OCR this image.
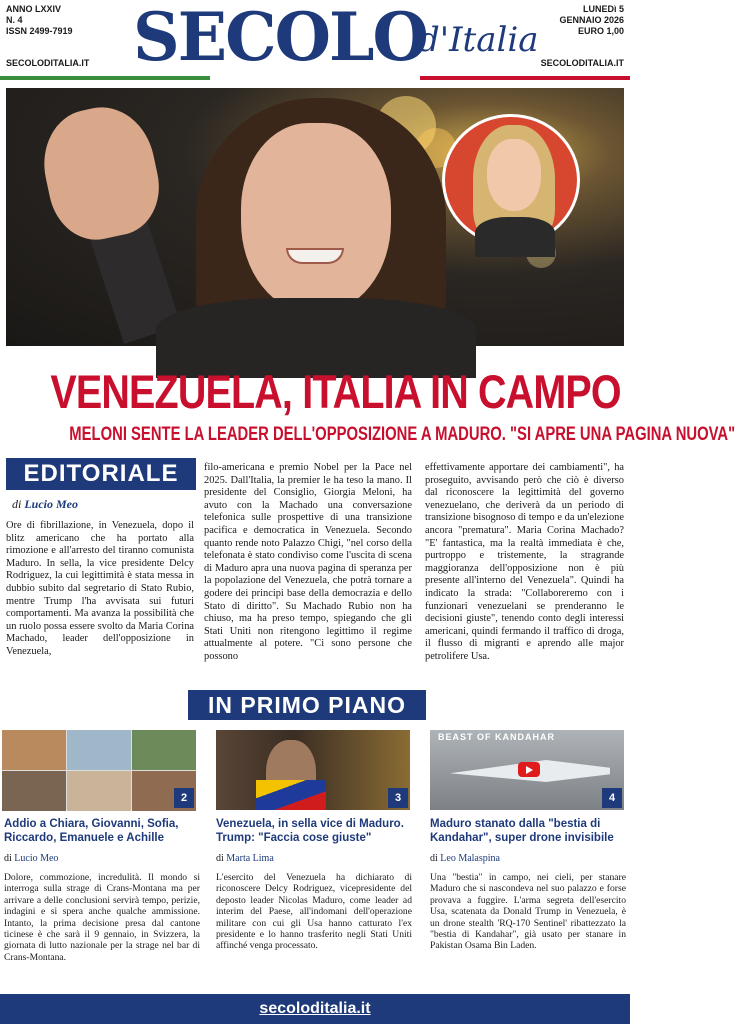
ANNO LXXIV
N. 4
ISSN 2499-7919 SECOLO
d'Italia
LUNEDì 5
GENNAIO 2026
EURO 1,00
SECOLODITALIA.IT	SECOLODITALIA.IT
VENEZUELA, ITALIA IN CAMPO
MELONI SENTE LA LEADER DELL'OPPOSIZIONE A MADURO. "SI APRE UNA PAGINA NUOVA"
EDITORIALE
di Lucio Meo
Ore di fibrillazione, in Venezuela, dopo il blitz americano che ha portato alla rimozione e all'arresto del tiranno comunista Maduro. In sella, la vice presidente Delcy Rodriguez, la cui legittimità è stata messa in dubbio subito dal segretario di Stato Rubio, mentre Trump l'ha avvisata sui futuri comportamenti. Ma avanza la possibilità che un ruolo possa essere svolto da Maria Corina Machado, leader dell'opposizione in Venezuela,
filo-americana e premio Nobel per la Pace nel 2025. Dall'Italia, la premier le ha teso la mano. Il presidente del Consiglio, Giorgia Meloni, ha avuto con la Machado una conversazione telefonica sulle prospettive di una transizione pacifica e democratica in Venezuela. Secondo quanto rende noto Palazzo Chigi, "nel corso della telefonata è stato condiviso come l'uscita di scena di Maduro apra una nuova pagina di speranza per la popolazione del Venezuela, che potrà tornare a godere dei principi base della democrazia e dello Stato di diritto". Su Machado Rubio non ha chiuso, ma ha preso tempo, spiegando che gli Stati Uniti non ritengono legittimo il regime attualmente al potere. "Ci sono persone che possono
effettivamente apportare dei cambiamenti", ha proseguito, avvisando però che ciò è diverso dal riconoscere la legittimità del governo venezuelano, che deriverà da un periodo di transizione bisognoso di tempo e da un'elezione ancora "prematura". Maria Corina Machado? "E' fantastica, ma la realtà immediata è che, purtroppo e tristemente, la stragrande maggioranza dell'opposizione non è più presente all'interno del Venezuela". Quindi ha indicato la strada: "Collaboreremo con i funzionari venezuelani se prenderanno le decisioni giuste", tenendo conto degli interessi americani, quindi fermando il traffico di droga, il flusso di migranti e aprendo alle major petrolifere Usa.
IN PRIMO PIANO
2	3
BEAST OF KANDAHAR
4
Addio a Chiara, Giovanni, Sofia, Riccardo, Emanuele e Achille
di Lucio Meo
Dolore, commozione, incredulità. Il mondo si interroga sulla strage di Crans-Montana ma per arrivare a delle conclusioni servirà tempo, perizie, indagini e si spera anche qualche ammissione. Intanto, la prima decisione presa dal cantone ticinese è che sarà il 9 gennaio, in Svizzera, la giornata di lutto nazionale per la strage nel bar di Crans-Montana.
Venezuela, in sella vice di Maduro. Trump: "Faccia cose giuste"
di Marta Lima
L'esercito del Venezuela ha dichiarato di riconoscere Delcy Rodriguez, vicepresidente del deposto leader Nicolas Maduro, come leader ad interim del Paese, all'indomani dell'operazione militare con cui gli Usa hanno catturato l'ex presidente e lo hanno trasferito negli Stati Uniti affinché venga processato.
Maduro stanato dalla "bestia di Kandahar", super drone invisibile
di Leo Malaspina
Una "bestia" in campo, nei cieli, per stanare Maduro che si nascondeva nel suo palazzo e forse provava a fuggire. L'arma segreta dell'esercito Usa, scatenata da Donald Trump in Venezuela, è un drone stealth 'RQ-170 Sentinel' ribattezzato la "bestia di Kandahar", già usato per stanare in Pakistan Osama Bin Laden.
secoloditalia.it
